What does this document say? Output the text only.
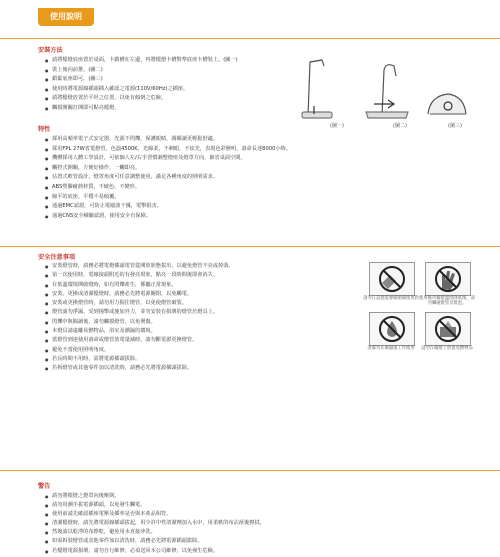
使用說明
安裝方法
● 請將檯燈底座置於桌面，卡鎖槽在左邊，再將檯燈卡槽對準底座卡槽裝上。(圖一)
● 裝上後向前推。(圖二)
● 鎖緊底座即可。(圖三)
● 使用時將電源線插頭插入確認之電源(110V/60Hz)之插座。
● 請將檯燈放置於平坦之位置，以免有傾倒之危險。
● 觸摸開關打開即可點亮檯燈。
(圖一)	(圖二)	(圖三)
特性
● 採用高頻率電子式安定器，光源不閃爍，保護眼睛，調閱讀更輕鬆舒適。
● 採用FPL 27W省電燈管，色溫4500K，光線柔，不刺眼，不炫光，表現色彩鮮明，壽命長達8000小時。
● 機體採用人體工學設計，可依個人左/右手習慣調整燈座及燈罩方向，節省桌面空間。
● 觸控式開關，方便好操作，一觸即亮。
● 佔置式軟管設計，燈罩角度可任意調整使用，滿足各種角度的照明需求。
● ABS塑膠耐熱材質，不破色、不變形。
● 線平的底座，平穩不易傾覆。
● 通過EMC認證，可防止電磁波干擾，電擊損害。
● 通過CNS安全檢驗認證，使用安全有保障。
安全注意事項
● 安裝燈管時，請務必將電燈插頭電管從開放狀態拔出，以避免燈管不亮或掉落。
● 第一次使用時，電線接頭附近的有發亮現象，點亮一段時間後即會消失。
● 在低溫環境開啟燈時，如有閃爍產生，係屬正常現象。
● 安裝、更換或清潔檯燈時，請務必先將電源關閉，以免觸電。
● 安裝或更換燈管時，請勿用力握住燈管，以免使燈管破裂。
● 燈管請勿淨濕、受到撞擊或施加外力，並勿安裝有損壞的燈管於燈具上。
● 閃爍中與閱讀後，請勿觸摸燈管，以免燙傷。
● 本燈具請遠離易燃物品，浴室及潮濕的環境。
● 當燈管到達使用壽命或燈管放電量減時，請勿斷電源更換燈管。
● 避免不當使用照明角度。
● 若長時間不用時，需將電源插頭拔除。
● 若拆燈管或其他零件加以清洗時，請務必先將電源插頭拔除。
請勿在設施電源插頭處使用對 使用後待檯燈溫度降低後，請勿觸碰燈管及燈泡。
清潔勿在潮濕處工作使用	請勿在檯燈上放置易燃物品
警告
● 請勿將檯燈之燈罩向後壓倒。
● 請勿用潮手拔電源插頭，以免發生觸電。
● 使用前請先確認插座電壓及插率是否與本產品相符。
● 清潔檯燈時，請先將電源線插頭拔起，用少許中性清潔劑加入水中，用柔軟的布沾溼後擦拭。
● 然後請以乾淨的布擦乾，避免用水直接沖洗。
● 如需拆裝燈管或其他零件加以清洗時，請務必先將電源插頭拔除。
● 若檯燈電源損壞，請勿自行維修，必須送回本公司維修，以免發生危險。
